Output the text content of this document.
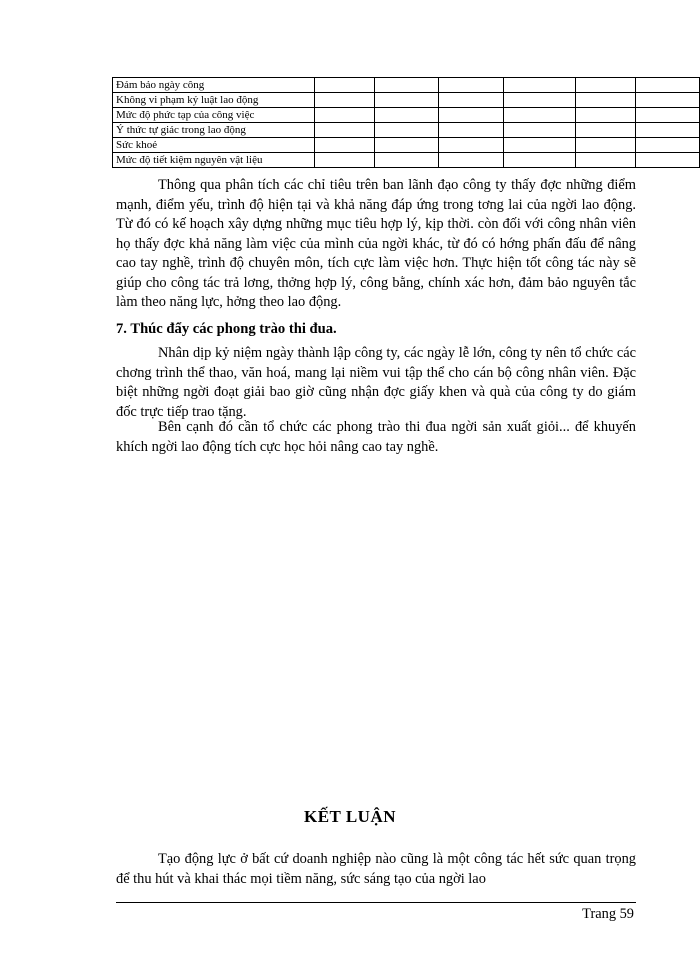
Đảm bảo ngày công						
Không vi phạm kỷ luật lao động						
Mức độ phức tạp của công việc						
Ý thức tự giác trong lao động						
Sức khoẻ						
Mức độ tiết kiệm nguyên vật liệu						

Thông qua phân tích các chỉ tiêu trên ban lãnh đạo công ty thấy đợc những điểm mạnh, điểm yếu, trình độ hiện tại và khả năng đáp ứng trong tơng lai của ngời lao động. Từ đó có kế hoạch xây dựng những mục tiêu hợp lý, kịp thời. còn đối với công nhân viên họ thấy đợc khả năng làm việc của mình của ngời khác, từ đó có hớng phấn đấu để nâng cao tay nghề, trình độ chuyên môn, tích cực làm việc hơn. Thực hiện tốt công tác này sẽ giúp cho công tác trả lơng, thởng hợp lý, công bằng, chính xác hơn, đảm bảo nguyên tắc làm theo năng lực, hởng theo lao động.

7. Thúc đẩy các phong trào thi đua.

Nhân dịp kỷ niệm ngày thành lập công ty, các ngày lễ lớn, công ty nên tổ chức các chơng trình thể thao, văn hoá, mang lại niềm vui tập thể cho cán bộ công nhân viên. Đặc biệt những ngời đoạt giải bao giờ cũng nhận đợc giấy khen và quà của công ty do giám đốc trực tiếp trao tặng.

Bên cạnh đó cần tổ chức các phong trào thi đua ngời sản xuất giỏi... để khuyến khích ngời lao động tích cực học hỏi nâng cao tay nghề.

KẾT LUẬN

Tạo động lực ở bất cứ doanh nghiệp nào cũng là một công tác hết sức quan trọng để thu hút và khai thác mọi tiềm năng, sức sáng tạo của ngời lao

Trang 59
